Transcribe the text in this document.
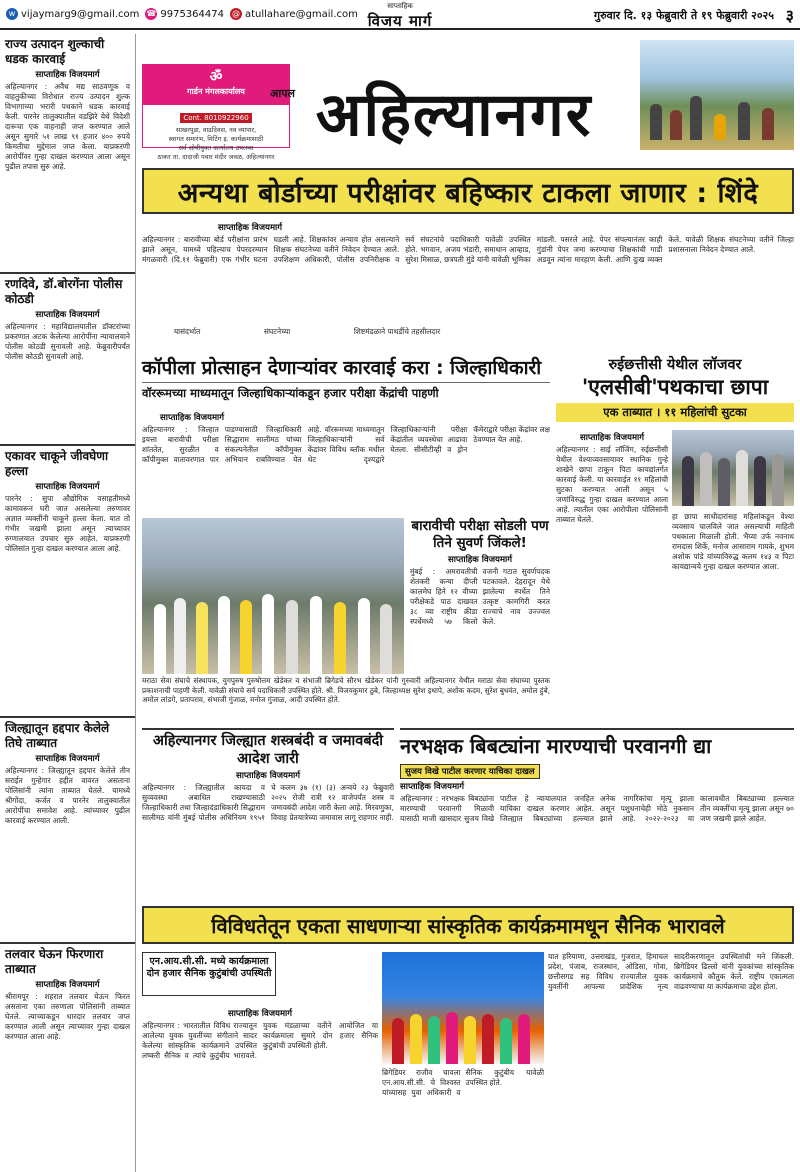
w vijaymarg9@gmail.com ☎ 9975364474 @ atullahare@gmail.com
साप्ताहिक
विजय मार्ग	गुरुवार दि. १३ फेब्रुवारी ते १९ फेब्रुवारी २०२५ ३
राज्य उत्पादन शुल्काची धडक कारवाई
साप्ताहिक विजयमार्ग
अहिल्यानगर : अवैध मद्य साठवणूक व वाहतुकीच्या विरोधात राज्य उत्पादन शुल्क विभागाच्या भरारी पथकाने धडक कारवाई केली. पारनेर तालुक्यातील वडझिरे येथे विदेशी दारूचा एक वाहनाही जप्त करण्यात आले असून सुमारे ५१ लाख ९१ हजार ४०० रुपये किमतीचा मुद्देमाल जप्त केला. याप्रकरणी आरोपींवर गुन्हा दाखल करण्यात आला असून पुढील तपास सुरु आहे.
रणदिवे, डॉ.बोरगेंना पोलीस कोठडी
साप्ताहिक विजयमार्ग
अहिल्यानगर : महाविद्यालयातील डॉक्टरांच्या प्रकरणात अटक केलेल्या आरोपींना न्यायालयाने पोलीस कोठडी सुनावली आहे. फेब्रुवारीपर्यंत पोलीस कोठडी सुनावली आहे.
एकावर चाकूने जीवघेणा हल्ला
साप्ताहिक विजयमार्ग
पारनेर : सुपा औद्योगिक वसाहतीमध्ये कामावरून घरी जात असलेल्या तरुणावर अज्ञात व्यक्तींनी चाकूने हल्ला केला. यात तो गंभीर जखमी झाला असून त्याच्यावर रुग्णालयात उपचार सुरु आहेत. याप्रकरणी पोलिसांत गुन्हा दाखल करण्यात आला आहे.
जिल्ह्यातून हद्दपार केलेले तिघे ताब्यात
साप्ताहिक विजयमार्ग
अहिल्यानगर : जिल्ह्यातून हद्दपार केलेले तीन सराईत गुन्हेगार हद्दीत वावरत असताना पोलिसांनी त्यांना ताब्यात घेतले. यामध्ये श्रीगोंदा, कर्जत व पारनेर तालुक्यातील आरोपींचा समावेश आहे. त्यांच्यावर पुढील कारवाई करण्यात आली.
तलवार घेऊन फिरणारा ताब्यात
साप्ताहिक विजयमार्ग
श्रीरामपूर : शहरात तलवार घेऊन फिरत असताना एका तरुणाला पोलिसांनी ताब्यात घेतले. त्याच्याकडून धारदार तलवार जप्त करण्यात आली असून त्याच्यावर गुन्हा दाखल करण्यात आला आहे.
ॐ
गार्डन मंगलकार्यालय
Cont. 8010922960
साखरपुडा, वाढदिवस, नव व्यापार,
स्वागत समारंभ, मिटिंग इ. कार्यक्रमासाठी
सर्व सोयीयुक्त कार्यालय उपलब्ध
ठाकर ता. दादाजी पवार मंदीर जवळ, अहिल्यानगर
आपल अहिल्यानगर
अन्यथा बोर्डाच्या परीक्षांवर बहिष्कार टाकला जाणार : शिंदे
साप्ताहिक विजयमार्ग
अहिल्यानगर : बारावीच्या बोर्ड परीक्षांना प्रारंभ झाले असून, यामध्ये पहिल्याच पेपरदरम्यान मंगळवारी (दि.११ फेब्रुवारी) एक गंभीर घटना घडली आहे. शिक्षकांवर अन्याय होत असल्याने शिक्षक संघटनेच्या वतीने निवेदन देण्यात आले. उपशिक्षण अधिकारी, पोलीस उपनिरीक्षक व सर्व संघटनांचे पदाधिकारी यावेळी उपस्थित होते. भगवान, अजय भंडारी, समाधान आव्हाड, सुरेश मिसाळ, छत्रपती मुंडे यांनी यावेळी भूमिका मांडली. पसरले आहे. पेपर संपल्यानंतर काही गुंडांनी पेपर जमा करण्याचा शिक्षकांची गाडी अडवून त्यांना मारहाण केली. आणि दुःख व्यक्त केले. यावेळी शिक्षक संघटनेच्या वतीने जिल्हा प्रशासनाला निवेदन देण्यात आले.
यासंदर्भात	संघटनेच्या	शिष्टमंडळाने पाथर्डीचे तहसीलदार
कॉपीला प्रोत्साहन देणाऱ्यांवर कारवाई करा : जिल्हाधिकारी
वॉररूमच्या माध्यमातून जिल्हाधिकाऱ्यांकडून हजार परीक्षा केंद्रांची पाहणी
साप्ताहिक विजयमार्ग
अहिल्यानगर : जिल्हात इयत्ता बारावीची परीक्षा शांततेत, सुरळीत व कॉपीमुक्त वातावरणात पार पाडण्यासाठी जिल्हाधिकारी सिद्धाराम सालीमठ यांच्या संकल्पनेतील कॉपीमुक्त अभियान राबविण्यात येत आहे. वॉररूमच्या माध्यमातून जिल्हाधिकाऱ्यांनी सर्व केंद्रांवर विविध ब्लॉक मधील थेट दृश्यद्वारे जिल्हाधिकाऱ्यांनी परीक्षा केंद्रांतील व्यवस्थेचा आढावा घेतला. सीसीटीव्ही व ड्रोन कॅमेराद्वारे परीक्षा केंद्रांवर लक्ष ठेवण्यात येत आहे.
बारावीची परीक्षा सोडली पण तिने सुवर्ण जिंकले!
साप्ताहिक विजयमार्ग
मुंबई : अमरावतीची शेतकरी कन्या दीप्ती कालमेघ हिने १२ वीच्या परीक्षेकडे पाठ दाखवत ३८ व्या राष्ट्रीय क्रीडा स्पर्धेमध्ये ५७ किलो वजनी गटात सुवर्णपदक पटकावले. देहरादून येथे झालेल्या स्पर्धेत तिने उत्कृष्ट कामगिरी करत राज्याचे नाव उज्ज्वल केले.
मराठा सेवा संघाचे संस्थापक, युगपुरुष पुरुषोत्तम खेडेकर व संभाजी ब्रिगेडचे सौरभ खेडेकर यांनी गुरुवारी अहिल्यानगर येथील मराठा सेवा संघाच्या पुस्तक प्रकाशनाची पाहणी केली. यावेळी संघाचे सर्व पदाधिकारी उपस्थित होते. श्री. विजयकुमार ठुबे, जिल्हाध्यक्ष सुरेश इथापे, अशोक कदम, सुरेश बुधवंत, अमोल हुंबे, अमोल लांडगे, प्रतापराव, संभाजी गुंजाळ, मनोज गुंजाळ, आदी उपस्थित होते.
रुईछत्तीसी येथील लॉजवर
'एलसीबी'पथकाचा छापा
एक ताब्यात । ११ महिलांची सुटका
साप्ताहिक विजयमार्ग
अहिल्यानगर : साई लॉजिंग, रुईछत्तीसी येथील वेश्याव्यवसायावर स्थानिक गुन्हे शाखेने छापा टाकून पिटा कायद्यांतर्गत कारवाई केली. या कारवाईत ११ महिलांची सुटका करण्यात आली असून ५ जणांविरुद्ध गुन्हा दाखल करण्यात आला आहे. त्यातील एका आरोपीला पोलिसांनी ताब्यात घेतले.	हा छापा साधीदारांसह महिलांकडून वेश्या व्यवसाय चालविले जात असल्याची माहिती पथकाला मिळाली होती. भैय्या उर्फ नवनाथ रामदास शिर्के, मनोज आसाराम गायके, शुभम अशोक पांडे यांच्याविरुद्ध कलम १४३ व पिटा कायद्यान्वये गुन्हा दाखल करण्यात आला.
अहिल्यानगर जिल्ह्यात शस्त्रबंदी व जमावबंदी आदेश जारी
साप्ताहिक विजयमार्ग
अहिल्यानगर : जिल्ह्यातील कायदा व सुव्यवस्था अबाधित राखण्यासाठी जिल्हाधिकारी तथा जिल्हादंडाधिकारी सिद्धाराम सालीमठ यांनी मुंबई पोलीस अधिनियम १९५१ चे कलम ३७ (१) (३) अन्वये २३ फेब्रुवारी २०२५ रोजी रात्री १२ वाजेपर्यंत शस्त्र व जमावबंदी आदेश जारी केला आहे. मिरवणुका, विवाह प्रेतयात्रेच्या जमावास लागू राहणार नाही.
नरभक्षक बिबट्यांना मारण्याची परवानगी द्या
सुजय विखे पाटील करणार याचिका दाखल
साप्ताहिक विजयमार्ग
अहिल्यानगर : नरभक्षक बिबट्यांना मारण्याची परवानगी मिळावी यासाठी माजी खासदार सुजय विखे पाटील हे न्यायालयात जनहित याचिका दाखल करणार आहेत. जिल्ह्यात बिबट्यांच्या हल्ल्यात अनेक नागरिकांचा मृत्यू झाला असून पशुधनाचेही मोठे नुकसान झाले आहे. २०२२-२०२३ या कालावधीत बिबट्याच्या हल्ल्यात तीन व्यक्तींचा मृत्यू झाला असून ७० जण जखमी झाले आहेत.
विविधतेतून एकता साधणाऱ्या सांस्कृतिक कार्यक्रमामधून सैनिक भारावले
एन.आय.सी.सी. मध्ये कार्यक्रमाला दोन हजार सैनिक कुटुंबांची उपस्थिती
साप्ताहिक विजयमार्ग
अहिल्यानगर : भारतातील विविध राज्यातून आलेल्या युवक युवतींच्या संगीताने सादर केलेल्या सांस्कृतिक कार्यक्रमाने उपस्थित लष्करी सैनिक व त्यांचे कुटुंबीय भारावले. युवक मंडळाच्या वतीने आयोजित या कार्यक्रमाला सुमारे दोन हजार सैनिक कुटुंबांची उपस्थिती होती.
ब्रिगेडियर राजीव चावला एन.आय.सी.सी. चे विश्वस्त यांच्यासह युवा अधिकारी व सैनिक कुटुंबीय यावेळी उपस्थित होते.
यात हरियाणा, उत्तराखंड, गुजरात, हिमाचल प्रदेश, पंजाब, राजस्थान, ओडिसा, गोवा, छत्तीसगड सह विविध राज्यातील युवक युवतींनी आपल्या प्रादेशिक नृत्य सादरीकरणातून उपस्थितांची मने जिंकली. ब्रिगेडियर ढिल्लो यांनी युवकांच्या सांस्कृतिक कार्यक्रमाचे कौतुक केले. राष्ट्रीय एकात्मता वाढवण्याचा या कार्यक्रमाचा उद्देश होता.
